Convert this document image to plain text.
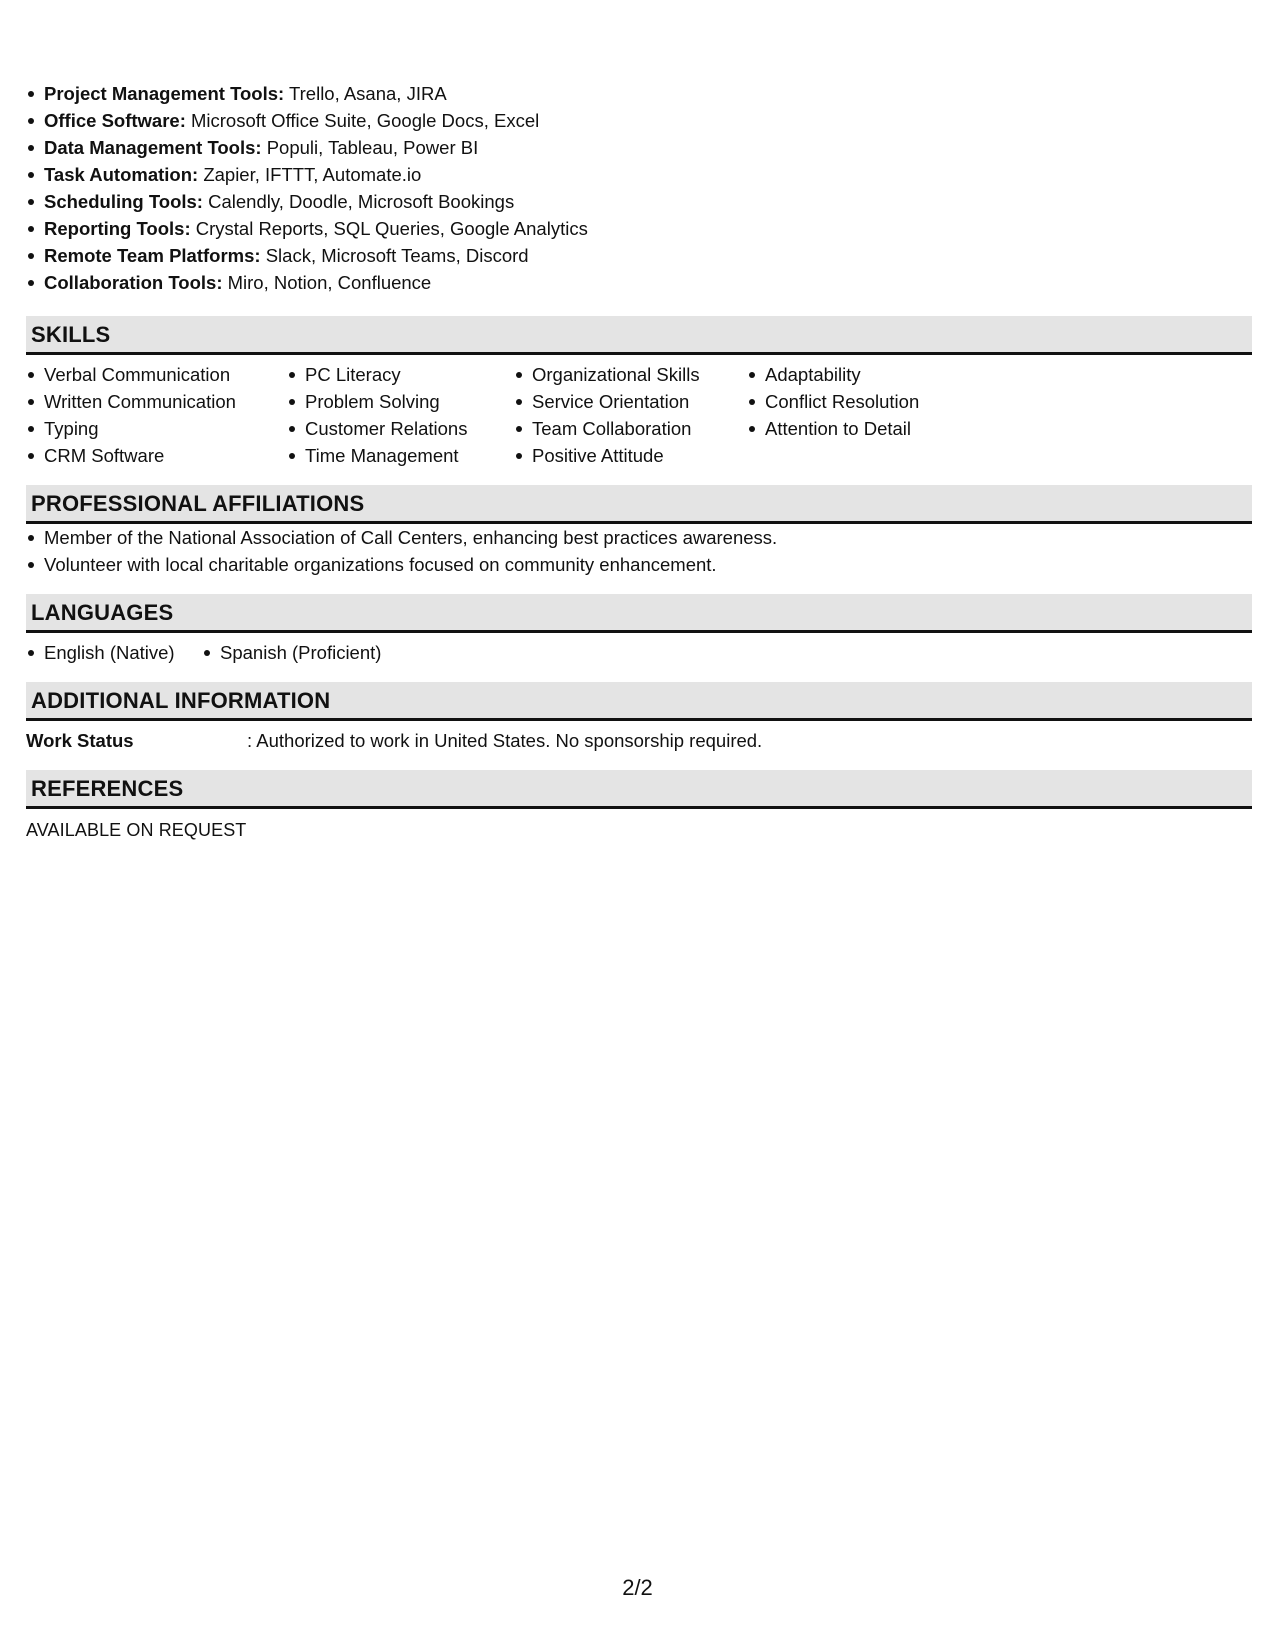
Project Management Tools: Trello, Asana, JIRA
Office Software: Microsoft Office Suite, Google Docs, Excel
Data Management Tools: Populi, Tableau, Power BI
Task Automation: Zapier, IFTTT, Automate.io
Scheduling Tools: Calendly, Doodle, Microsoft Bookings
Reporting Tools: Crystal Reports, SQL Queries, Google Analytics
Remote Team Platforms: Slack, Microsoft Teams, Discord
Collaboration Tools: Miro, Notion, Confluence
SKILLS
Verbal Communication
Written Communication
Typing
CRM Software
PC Literacy
Problem Solving
Customer Relations
Time Management
Organizational Skills
Service Orientation
Team Collaboration
Positive Attitude
Adaptability
Conflict Resolution
Attention to Detail
PROFESSIONAL AFFILIATIONS
Member of the National Association of Call Centers, enhancing best practices awareness.
Volunteer with local charitable organizations focused on community enhancement.
LANGUAGES
English (Native)	Spanish (Proficient)
ADDITIONAL INFORMATION
Work Status	: Authorized to work in United States. No sponsorship required.
REFERENCES
AVAILABLE ON REQUEST
2/2
